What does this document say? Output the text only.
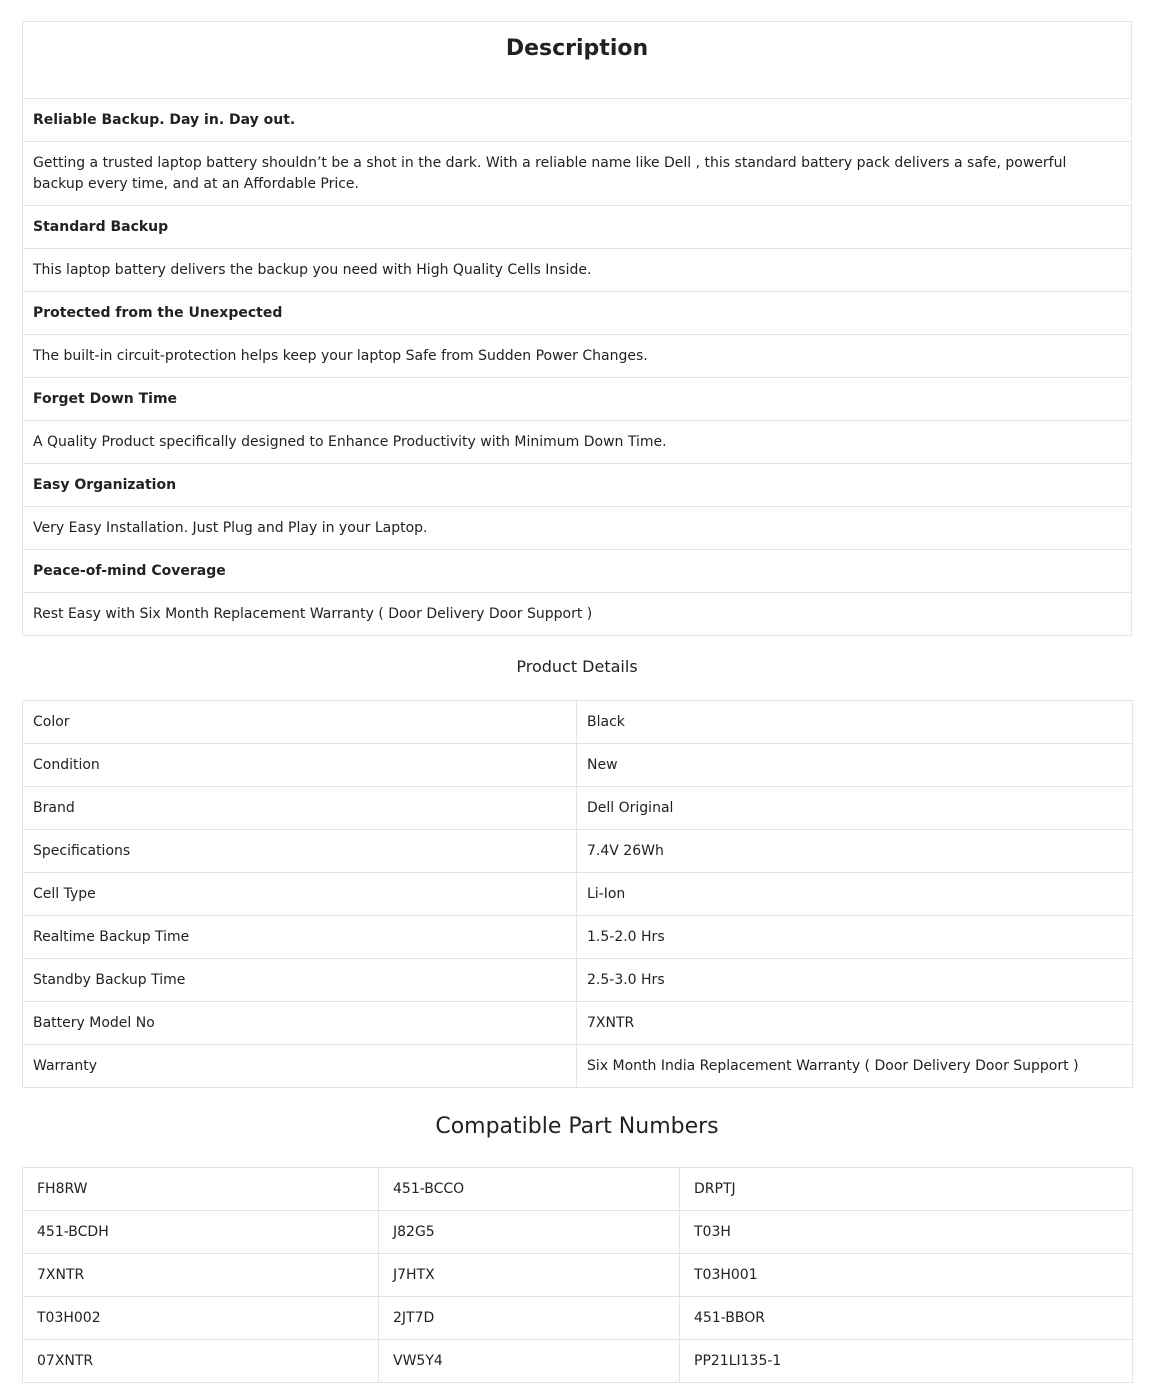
Description
Reliable Backup. Day in. Day out.
Getting a trusted laptop battery shouldn’t be a shot in the dark. With a reliable name like Dell , this standard battery pack delivers a safe, powerful backup every time, and at an Affordable Price.
Standard Backup
This laptop battery delivers the backup you need with High Quality Cells Inside.
Protected from the Unexpected
The built-in circuit-protection helps keep your laptop Safe from Sudden Power Changes.
Forget Down Time
A Quality Product specifically designed to Enhance Productivity with Minimum Down Time.
Easy Organization
Very Easy Installation. Just Plug and Play in your Laptop.
Peace-of-mind Coverage
Rest Easy with Six Month Replacement Warranty ( Door Delivery Door Support )
Product Details
Color	Black
Condition	New
Brand	Dell Original
Specifications	7.4V 26Wh
Cell Type	Li-Ion
Realtime Backup Time	1.5-2.0 Hrs
Standby Backup Time	2.5-3.0 Hrs
Battery Model No	7XNTR
Warranty	Six Month India Replacement Warranty ( Door Delivery Door Support )
Compatible Part Numbers
FH8RW	451-BCCO	DRPTJ
451-BCDH	J82G5	T03H
7XNTR	J7HTX	T03H001
T03H002	2JT7D	451-BBOR
07XNTR	VW5Y4	PP21LI135-1
